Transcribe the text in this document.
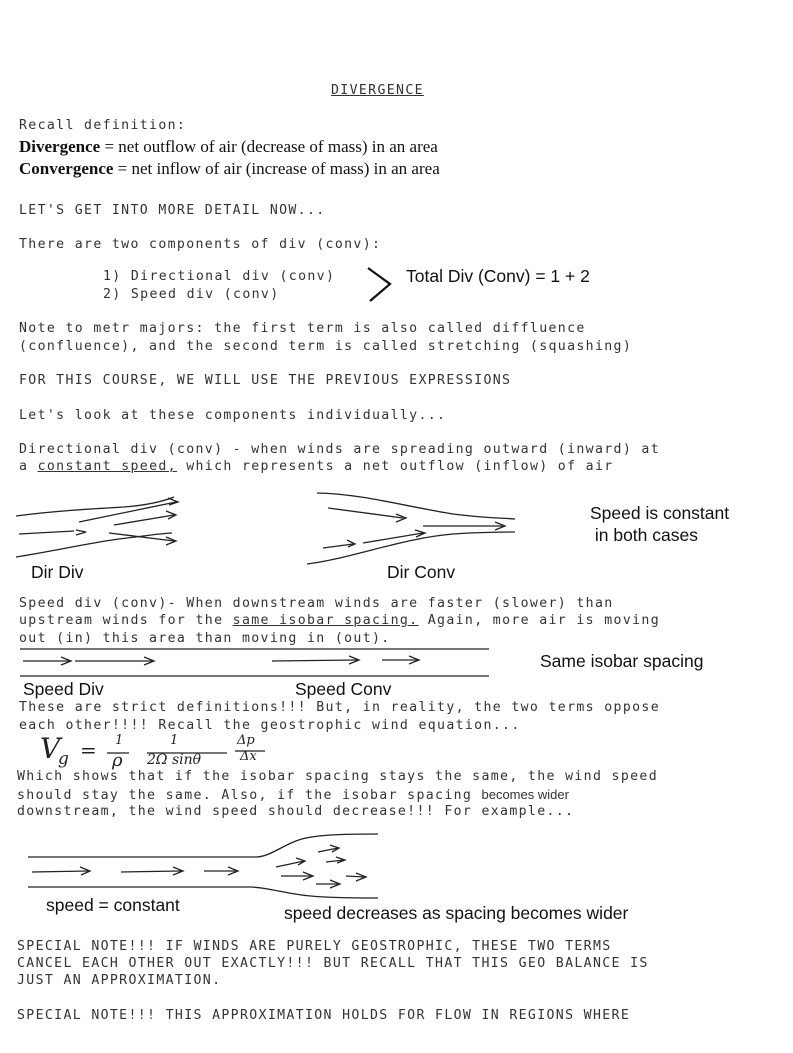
DIVERGENCE
Recall definition:
Divergence = net outflow of air (decrease of mass) in an area
Convergence = net inflow of air (increase of mass) in an area
LET'S GET INTO MORE DETAIL NOW...
There are two components of div (conv):
1) Directional div (conv)
2) Speed div (conv)
Total Div (Conv) = 1 + 2
Note to metr majors: the first term is also called diffluence
(confluence), and the second term is called stretching (squashing)
FOR THIS COURSE, WE WILL USE THE PREVIOUS EXPRESSIONS
Let's look at these components individually...
Directional div (conv) - when winds are spreading outward (inward) at
a constant speed, which represents a net outflow (inflow) of air
Dir Div	Dir Conv
Speed is constant
in both cases
Speed div (conv)- When downstream winds are faster (slower) than
upstream winds for the same isobar spacing. Again, more air is moving
out (in) this area than moving in (out).
Same isobar spacing
Speed Div	Speed Conv
These are strict definitions!!! But, in reality, the two terms oppose
each other!!!! Recall the geostrophic wind equation...
V
g = 1
ρ
1
2Ω sinθ
Δp
Δx
Which shows that if the isobar spacing stays the same, the wind speed
should stay the same. Also, if the isobar spacing becomes wider
downstream, the wind speed should decrease!!! For example...
speed = constant	speed decreases as spacing becomes wider
SPECIAL NOTE!!! IF WINDS ARE PURELY GEOSTROPHIC, THESE TWO TERMS
CANCEL EACH OTHER OUT EXACTLY!!! BUT RECALL THAT THIS GEO BALANCE IS
JUST AN APPROXIMATION.
SPECIAL NOTE!!! THIS APPROXIMATION HOLDS FOR FLOW IN REGIONS WHERE
